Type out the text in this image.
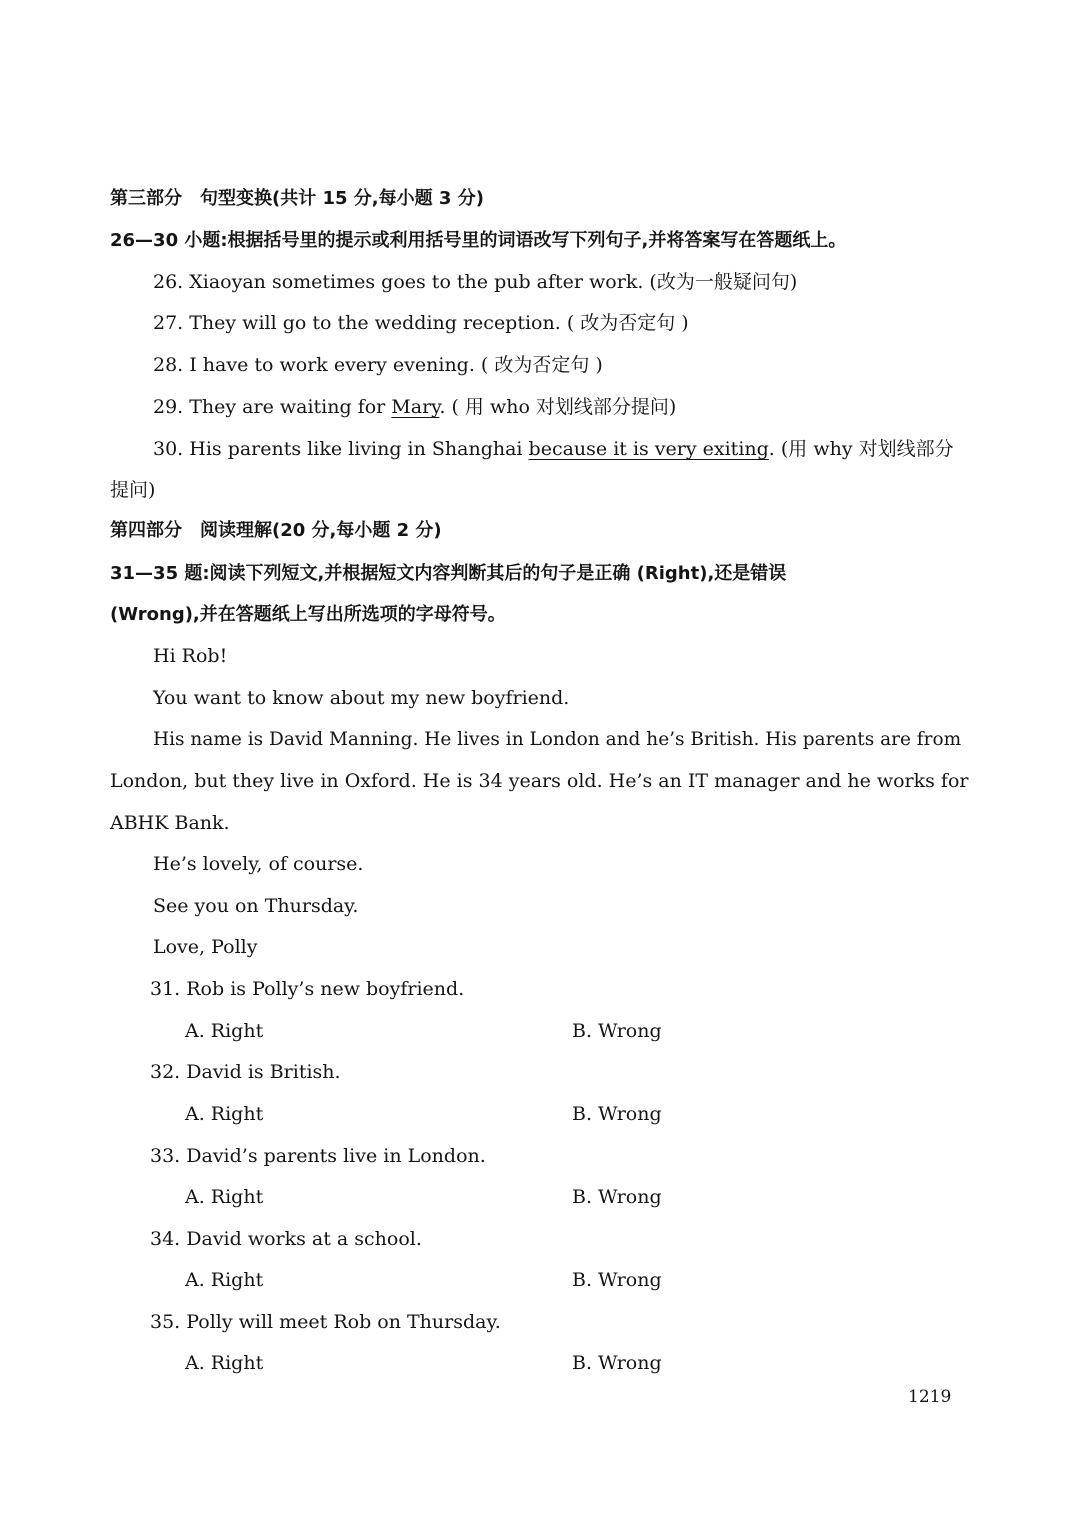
第三部分　句型变换(共计 15 分,每小题 3 分)
26—30 小题:根据括号里的提示或利用括号里的词语改写下列句子,并将答案写在答题纸上。
26. Xiaoyan sometimes goes to the pub after work. (改为一般疑问句)
27. They will go to the wedding reception. ( 改为否定句 )
28. I have to work every evening. ( 改为否定句 )
29. They are waiting for Mary. ( 用 who 对划线部分提问)
30. His parents like living in Shanghai because it is very exiting. (用 why 对划线部分
提问)
第四部分　阅读理解(20 分,每小题 2 分)
31—35 题:阅读下列短文,并根据短文内容判断其后的句子是正确 (Right),还是错误
(Wrong),并在答题纸上写出所选项的字母符号。
Hi Rob!
You want to know about my new boyfriend.
His name is David Manning. He lives in London and he’s British. His parents are from
London, but they live in Oxford. He is 34 years old. He’s an IT manager and he works for
ABHK Bank.
He’s lovely, of course.
See you on Thursday.
Love, Polly
31. Rob is Polly’s new boyfriend.
A. Right	B. Wrong
32. David is British.
A. Right	B. Wrong
33. David’s parents live in London.
A. Right	B. Wrong
34. David works at a school.
A. Right	B. Wrong
35. Polly will meet Rob on Thursday.
A. Right	B. Wrong
1219
